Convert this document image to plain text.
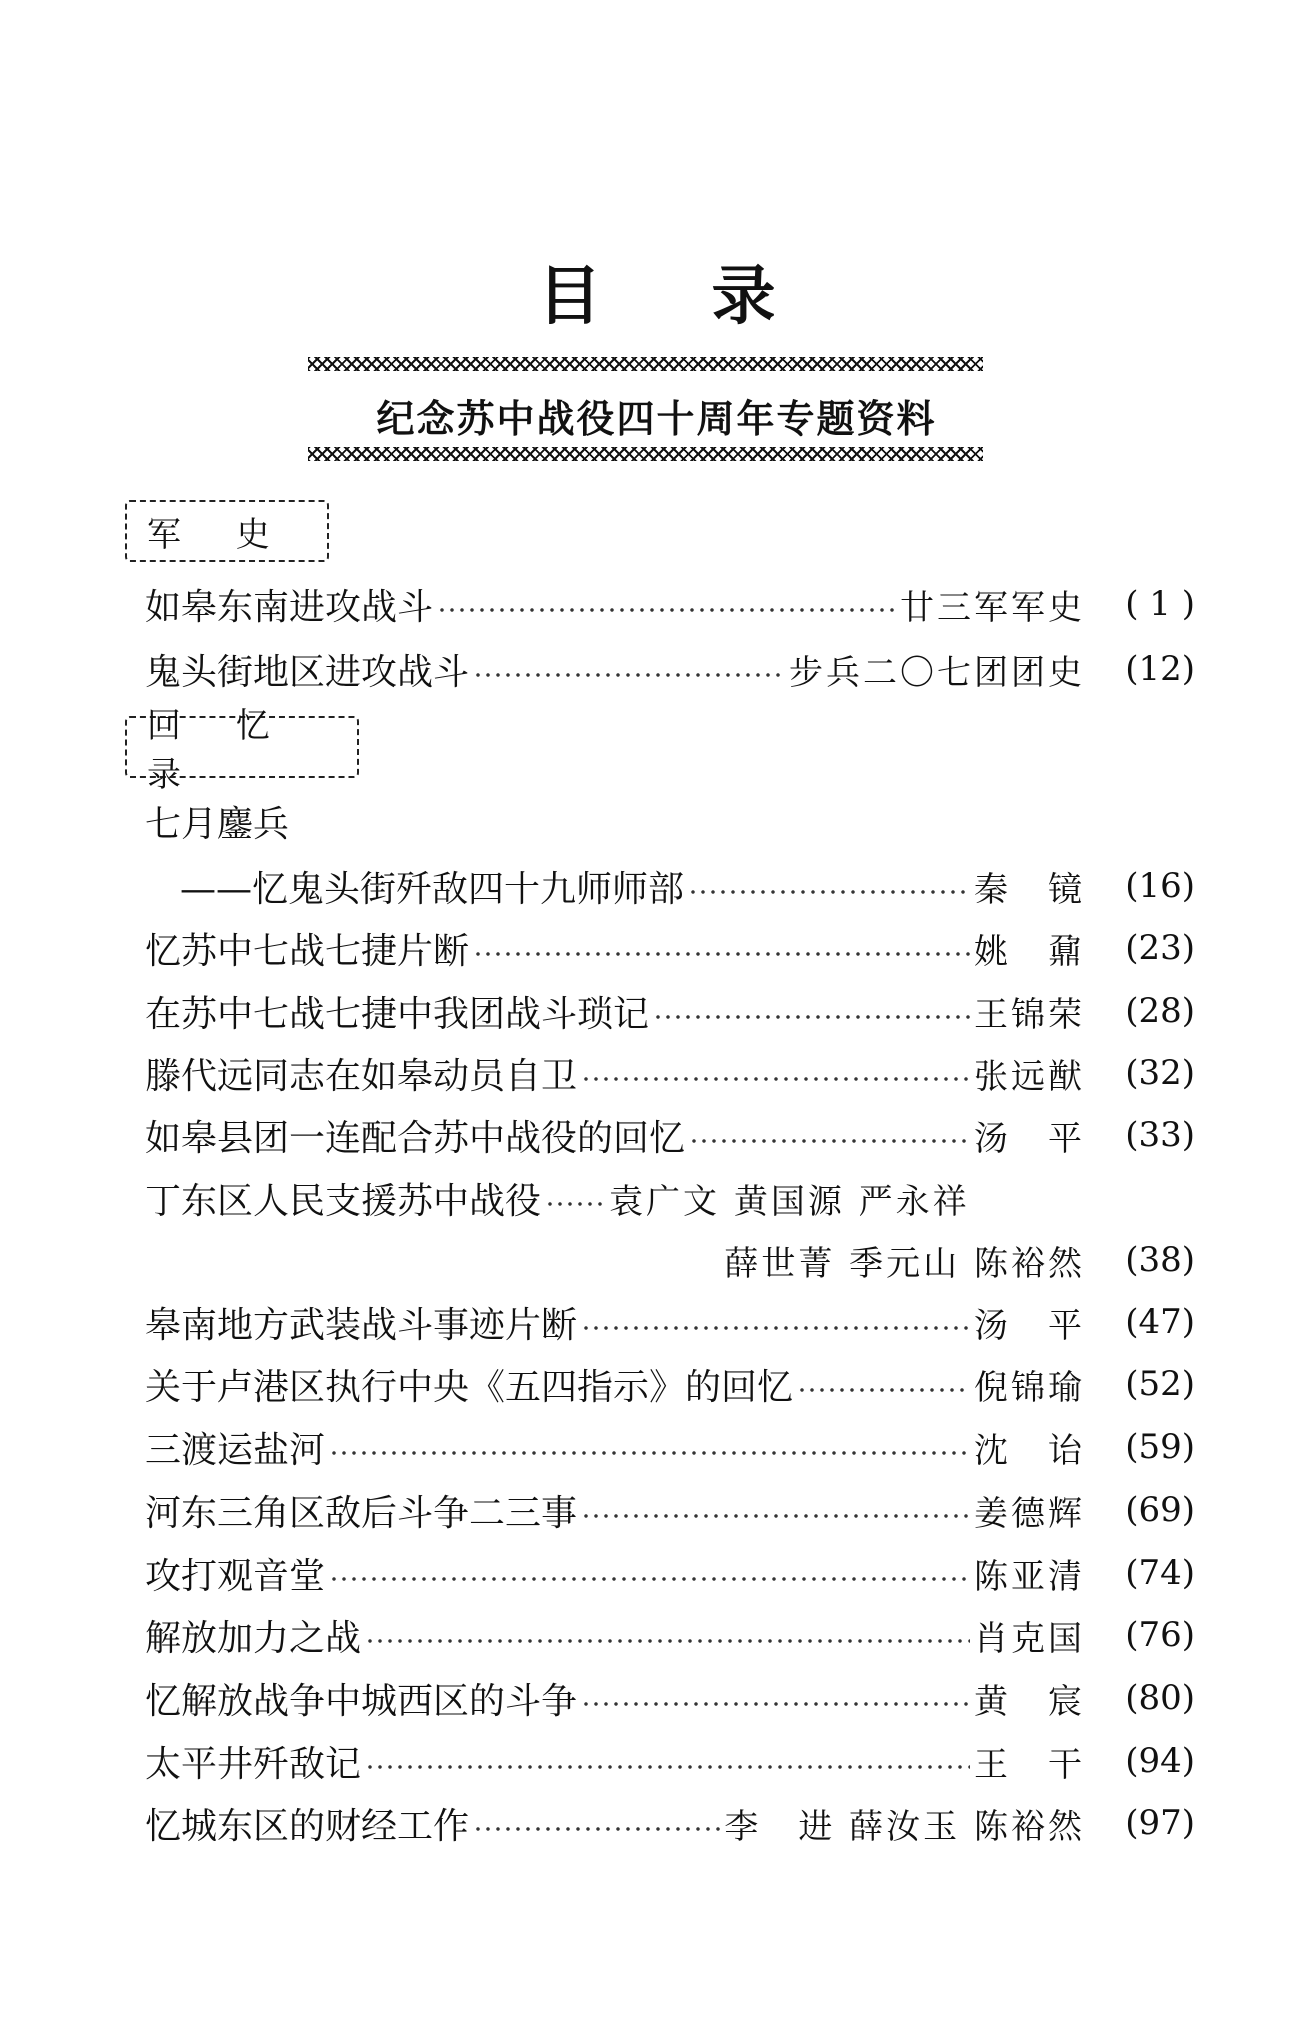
目录
纪念苏中战役四十周年专题资料
军 史
如皋东南进攻战斗	廿三军军史	( 1 )
鬼头街地区进攻战斗	步兵二〇七团团史	(12)
回 忆 录
七月鏖兵
——忆鬼头街歼敌四十九师师部	秦　镜	(16)
忆苏中七战七捷片断	姚　鼐	(23)
在苏中七战七捷中我团战斗琐记	王锦荣	(28)
滕代远同志在如皋动员自卫	张远猷	(32)
如皋县团一连配合苏中战役的回忆	汤　平	(33)
丁东区人民支援苏中战役 袁广文 黄国源 严永祥
薛世菁 季元山 陈裕然	(38)
皋南地方武装战斗事迹片断	汤　平	(47)
关于卢港区执行中央《五四指示》的回忆	倪锦瑜	(52)
三渡运盐河	沈　诒	(59)
河东三角区敌后斗争二三事	姜德辉	(69)
攻打观音堂	陈亚清	(74)
解放加力之战	肖克国	(76)
忆解放战争中城西区的斗争	黄　宸	(80)
太平井歼敌记	王　干	(94)
忆城东区的财经工作	李　进 薛汝玉 陈裕然	(97)
